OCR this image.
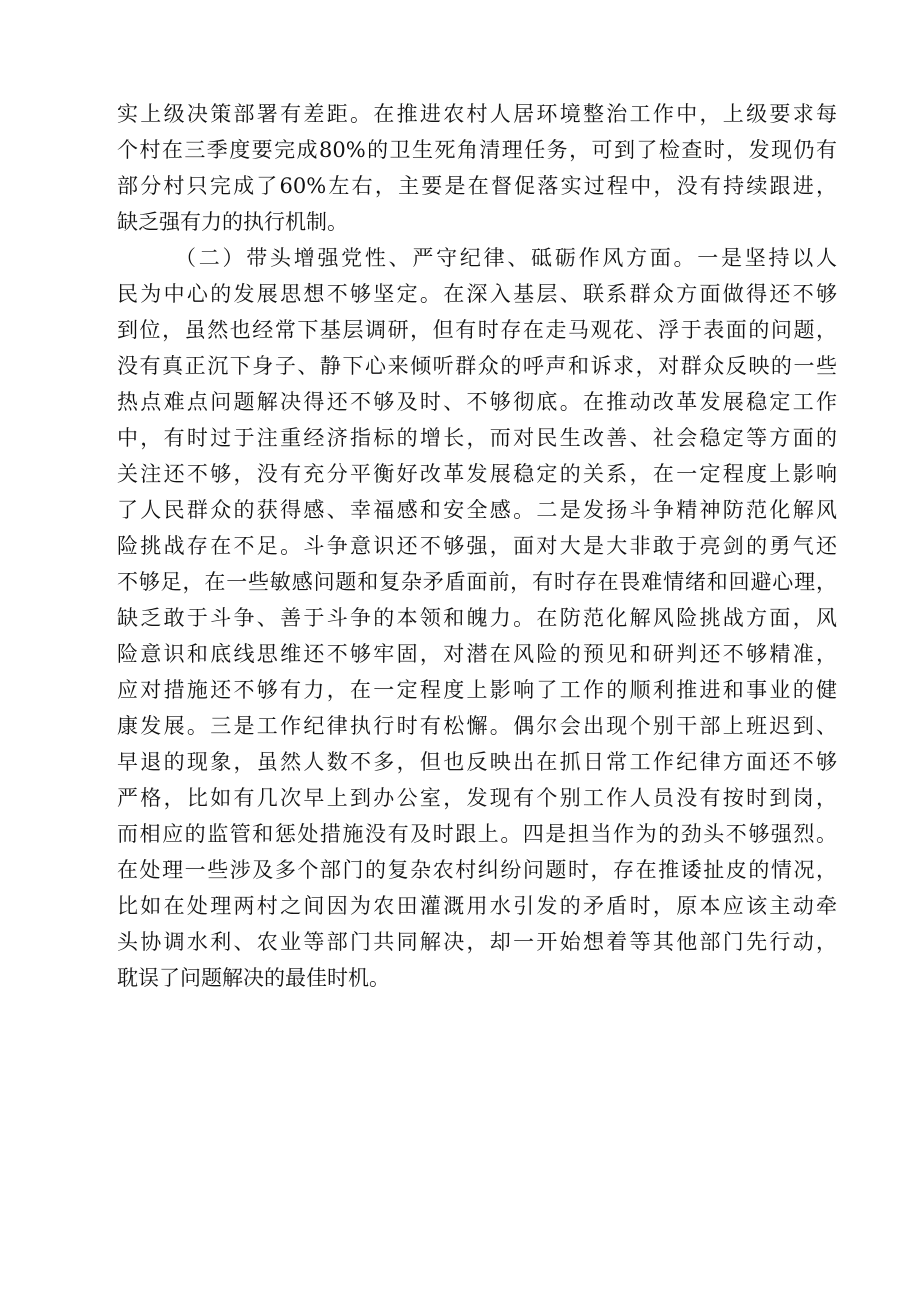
实上级决策部署有差距。在推进农村人居环境整治工作中，上级要求每
个村在三季度要完成80%的卫生死角清理任务，可到了检查时，发现仍有
部分村只完成了60%左右，主要是在督促落实过程中，没有持续跟进，
缺乏强有力的执行机制。
（二）带头增强党性、严守纪律、砥砺作风方面。一是坚持以人
民为中心的发展思想不够坚定。在深入基层、联系群众方面做得还不够
到位，虽然也经常下基层调研，但有时存在走马观花、浮于表面的问题，
没有真正沉下身子、静下心来倾听群众的呼声和诉求，对群众反映的一些
热点难点问题解决得还不够及时、不够彻底。在推动改革发展稳定工作
中，有时过于注重经济指标的增长，而对民生改善、社会稳定等方面的
关注还不够，没有充分平衡好改革发展稳定的关系，在一定程度上影响
了人民群众的获得感、幸福感和安全感。二是发扬斗争精神防范化解风
险挑战存在不足。斗争意识还不够强，面对大是大非敢于亮剑的勇气还
不够足，在一些敏感问题和复杂矛盾面前，有时存在畏难情绪和回避心理，
缺乏敢于斗争、善于斗争的本领和魄力。在防范化解风险挑战方面，风
险意识和底线思维还不够牢固，对潜在风险的预见和研判还不够精准，
应对措施还不够有力，在一定程度上影响了工作的顺利推进和事业的健
康发展。三是工作纪律执行时有松懈。偶尔会出现个别干部上班迟到、
早退的现象，虽然人数不多，但也反映出在抓日常工作纪律方面还不够
严格，比如有几次早上到办公室，发现有个别工作人员没有按时到岗，
而相应的监管和惩处措施没有及时跟上。四是担当作为的劲头不够强烈。
在处理一些涉及多个部门的复杂农村纠纷问题时，存在推诿扯皮的情况，
比如在处理两村之间因为农田灌溉用水引发的矛盾时，原本应该主动牵
头协调水利、农业等部门共同解决，却一开始想着等其他部门先行动，
耽误了问题解决的最佳时机。
